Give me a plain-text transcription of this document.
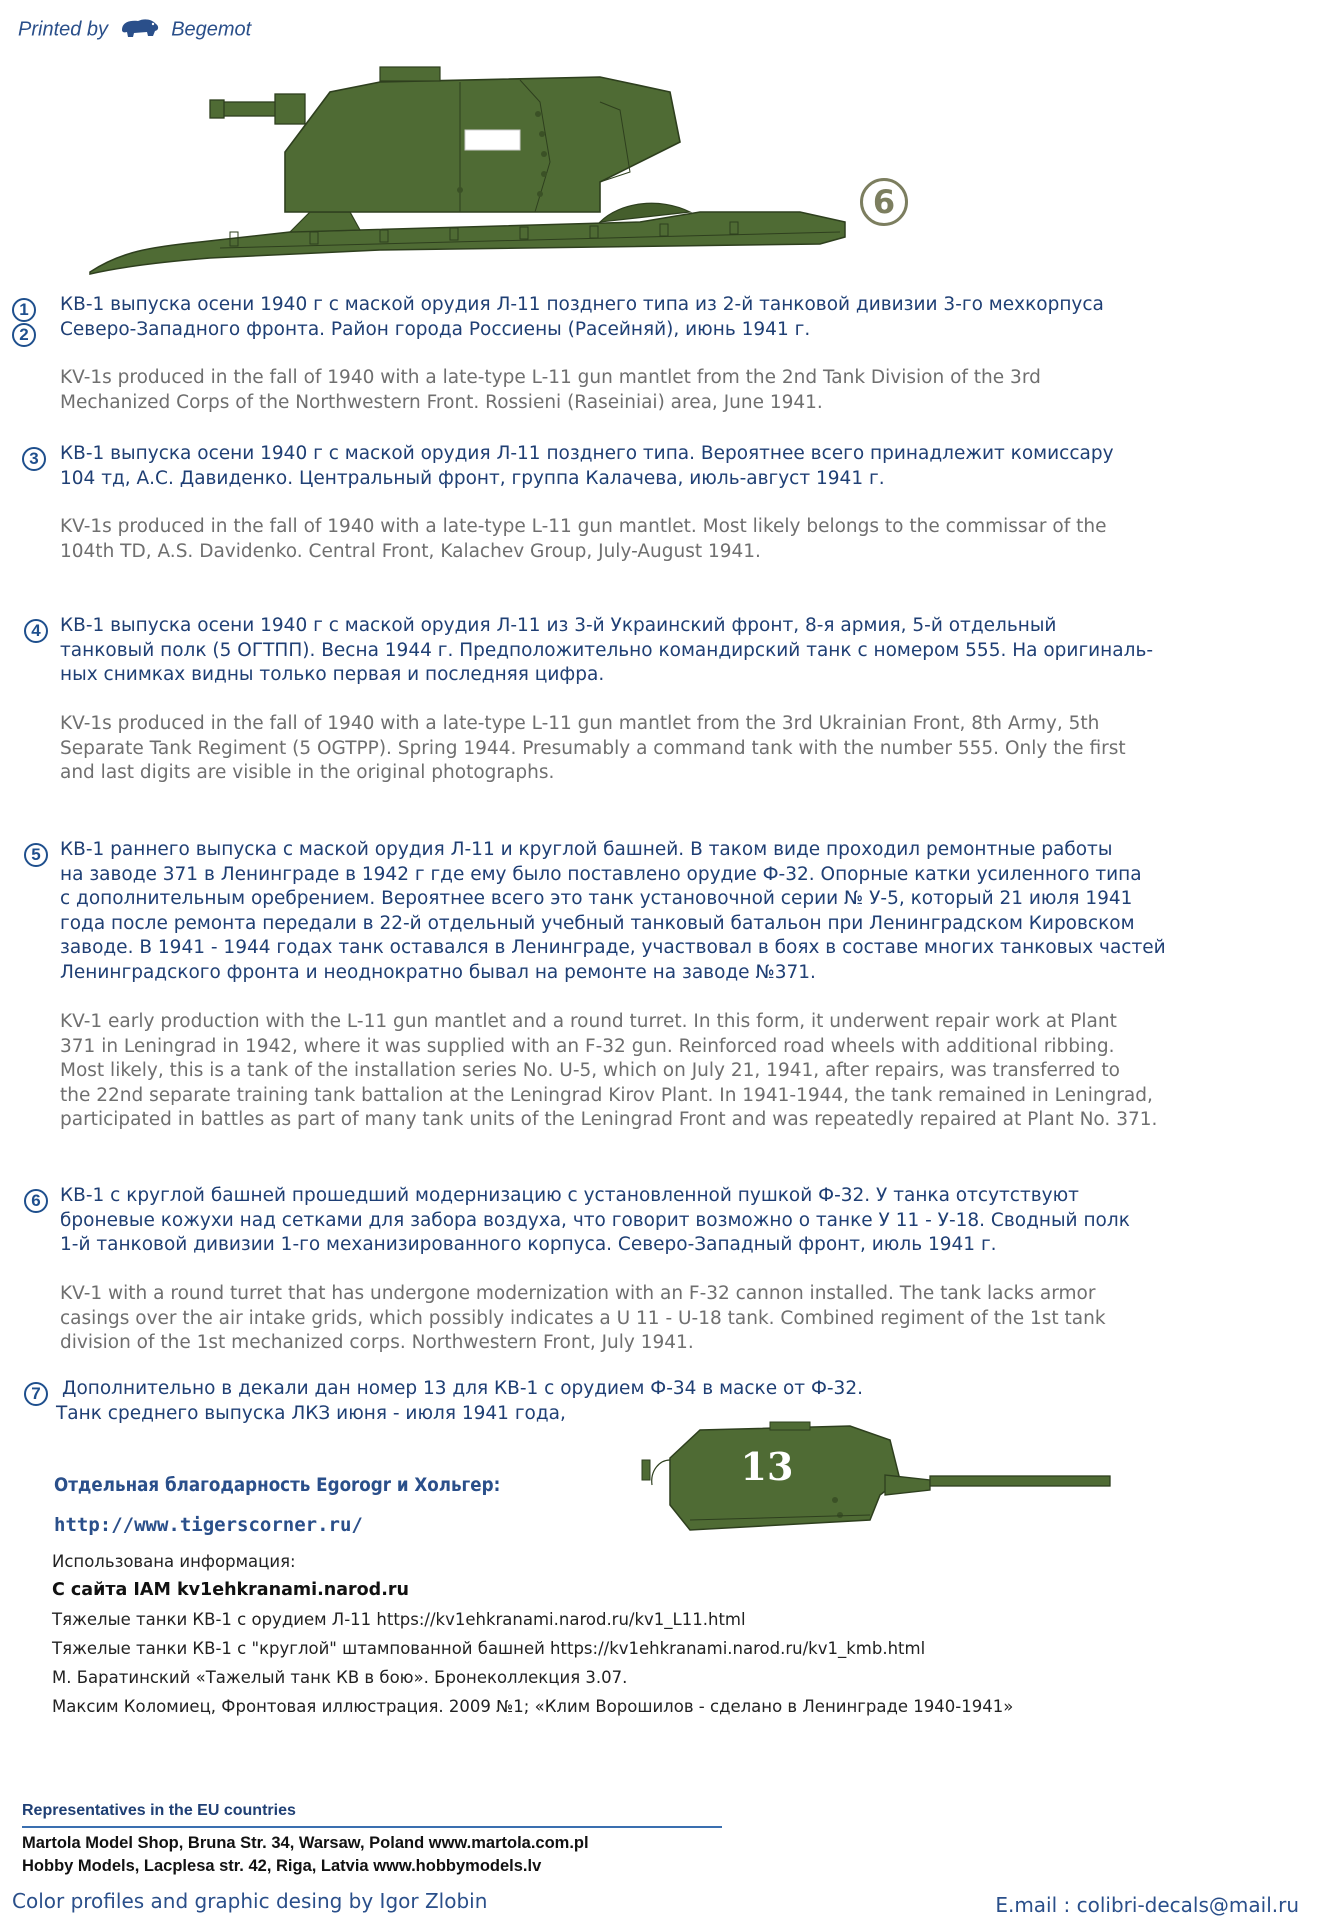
Printed by	Begemot
6
1
2
КВ-1 выпуска осени 1940 г с маской орудия Л-11 позднего типа из 2-й танковой дивизии 3-го мехкорпуса
Северо-Западного фронта. Район города Россиены (Расейняй), июнь 1941 г.
KV-1s produced in the fall of 1940 with a late-type L-11 gun mantlet from the 2nd Tank Division of the 3rd
Mechanized Corps of the Northwestern Front. Rossieni (Raseiniai) area, June 1941.
3	КВ-1 выпуска осени 1940 г с маской орудия Л-11 позднего типа. Вероятнее всего принадлежит комиссару
104 тд, А.С. Давиденко. Центральный фронт, группа Калачева, июль-август 1941 г.
KV-1s produced in the fall of 1940 with a late-type L-11 gun mantlet. Most likely belongs to the commissar of the
104th TD, A.S. Davidenko. Central Front, Kalachev Group, July-August 1941.
4	КВ-1 выпуска осени 1940 г с маской орудия Л-11 из 3-й Украинский фронт, 8-я армия, 5-й отдельный
танковый полк (5 ОГТПП). Весна 1944 г. Предположительно командирский танк с номером 555. На оригиналь-
ных снимках видны только первая и последняя цифра.
KV-1s produced in the fall of 1940 with a late-type L-11 gun mantlet from the 3rd Ukrainian Front, 8th Army, 5th
Separate Tank Regiment (5 OGTPP). Spring 1944. Presumably a command tank with the number 555. Only the first
and last digits are visible in the original photographs.
5	КВ-1 раннего выпуска с маской орудия Л-11 и круглой башней. В таком виде проходил ремонтные работы
на заводе 371 в Ленинграде в 1942 г где ему было поставлено орудие Ф-32. Опорные катки усиленного типа
с дополнительным оребрением. Вероятнее всего это танк установочной серии № У-5, который 21 июля 1941
года после ремонта передали в 22-й отдельный учебный танковый батальон при Ленинградском Кировском
заводе. В 1941 - 1944 годах танк оставался в Ленинграде, участвовал в боях в составе многих танковых частей
Ленинградского фронта и неоднократно бывал на ремонте на заводе №371.
KV-1 early production with the L-11 gun mantlet and a round turret. In this form, it underwent repair work at Plant
371 in Leningrad in 1942, where it was supplied with an F-32 gun. Reinforced road wheels with additional ribbing.
Most likely, this is a tank of the installation series No. U-5, which on July 21, 1941, after repairs, was transferred to
the 22nd separate training tank battalion at the Leningrad Kirov Plant. In 1941-1944, the tank remained in Leningrad,
participated in battles as part of many tank units of the Leningrad Front and was repeatedly repaired at Plant No. 371.
6	КВ-1 с круглой башней прошедший модернизацию с установленной пушкой Ф-32. У танка отсутствуют
броневые кожухи над сетками для забора воздуха, что говорит возможно о танке У 11 - У-18. Сводный полк
1-й танковой дивизии 1-го механизированного корпуса. Северо-Западный фронт, июль 1941 г.
KV-1 with a round turret that has undergone modernization with an F-32 cannon installed. The tank lacks armor
casings over the air intake grids, which possibly indicates a U 11 - U-18 tank. Combined regiment of the 1st tank
division of the 1st mechanized corps. Northwestern Front, July 1941.
7	Дополнительно в декали дан номер 13 для КВ-1 с орудием Ф-34 в маске от Ф-32.
Танк среднего выпуска ЛКЗ июня - июля 1941 года,
13
Отдельная благодарность Egorogr и Хольгер:
http://www.tigerscorner.ru/
Использована информация:
С сайта IAM kv1ehkranami.narod.ru
Тяжелые танки КВ-1 с орудием Л-11 https://kv1ehkranami.narod.ru/kv1_L11.html
Тяжелые танки КВ-1 с "круглой" штампованной башней https://kv1ehkranami.narod.ru/kv1_kmb.html
М. Баратинский «Тажелый танк КВ в бою». Бронеколлекция 3.07.
Максим Коломиец, Фронтовая иллюстрация. 2009 №1; «Клим Ворошилов - сделано в Ленинграде 1940-1941»
Representatives in the EU countries
Martola Model Shop, Bruna Str. 34, Warsaw, Poland www.martola.com.pl
Hobby Models, Lacplesa str. 42, Riga, Latvia www.hobbymodels.lv
Color profiles and graphic desing by Igor Zlobin	E.mail : colibri-decals@mail.ru
